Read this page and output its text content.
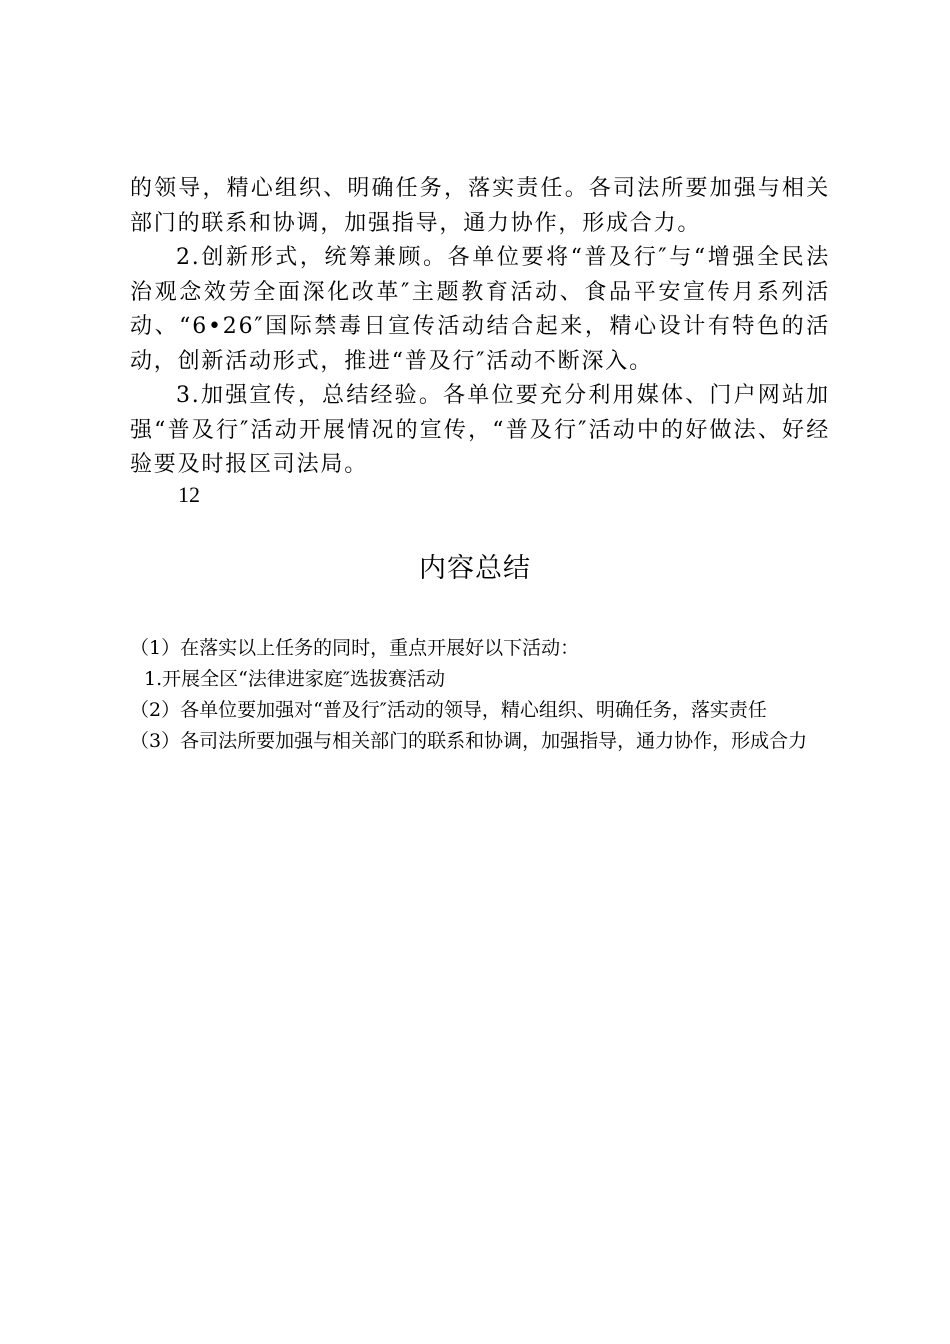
的领导，精心组织、明确任务，落实责任。各司法所要加强与相关部门的联系和协调，加强指导，通力协作，形成合力。

2.创新形式，统筹兼顾。各单位要将“普及行″与“增强全民法治观念效劳全面深化改革″主题教育活动、食品平安宣传月系列活动、“6•26″国际禁毒日宣传活动结合起来，精心设计有特色的活动，创新活动形式，推进“普及行″活动不断深入。

3.加强宣传，总结经验。各单位要充分利用媒体、门户网站加强“普及行″活动开展情况的宣传，“普及行″活动中的好做法、好经验要及时报区司法局。

12
内容总结

（1）在落实以上任务的同时，重点开展好以下活动：

1.开展全区“法律进家庭″选拔赛活动

（2）各单位要加强对“普及行″活动的领导，精心组织、明确任务，落实责任

（3）各司法所要加强与相关部门的联系和协调，加强指导，通力协作，形成合力
